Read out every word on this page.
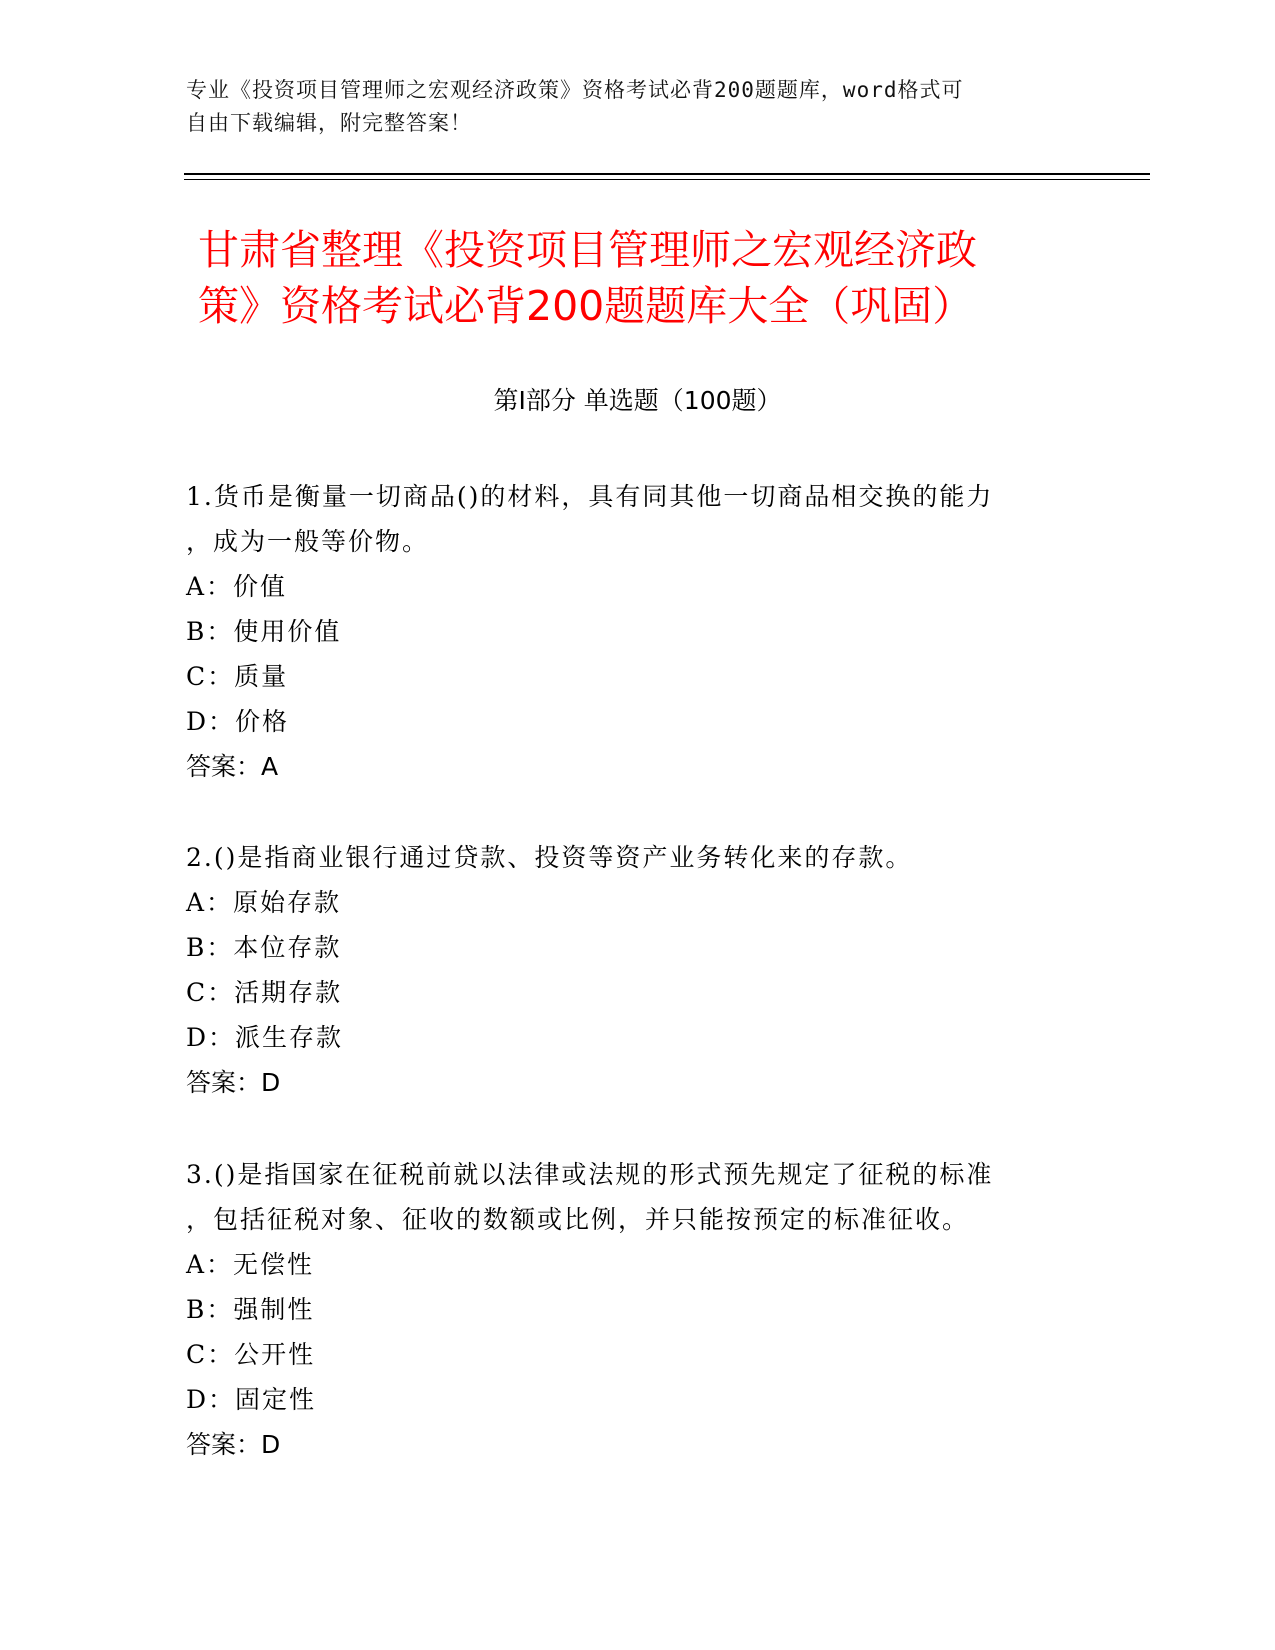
专业《投资项目管理师之宏观经济政策》资格考试必背200题题库，word格式可
自由下载编辑，附完整答案！
甘肃省整理《投资项目管理师之宏观经济政
策》资格考试必背200题题库大全（巩固）
第Ⅰ部分 单选题（100题）
1.货币是衡量一切商品()的材料，具有同其他一切商品相交换的能力
，成为一般等价物。
A：价值
B：使用价值
C：质量
D：价格
答案：A
2.()是指商业银行通过贷款、投资等资产业务转化来的存款。
A：原始存款
B：本位存款
C：活期存款
D：派生存款
答案：D
3.()是指国家在征税前就以法律或法规的形式预先规定了征税的标准
，包括征税对象、征收的数额或比例，并只能按预定的标准征收。
A：无偿性
B：强制性
C：公开性
D：固定性
答案：D
